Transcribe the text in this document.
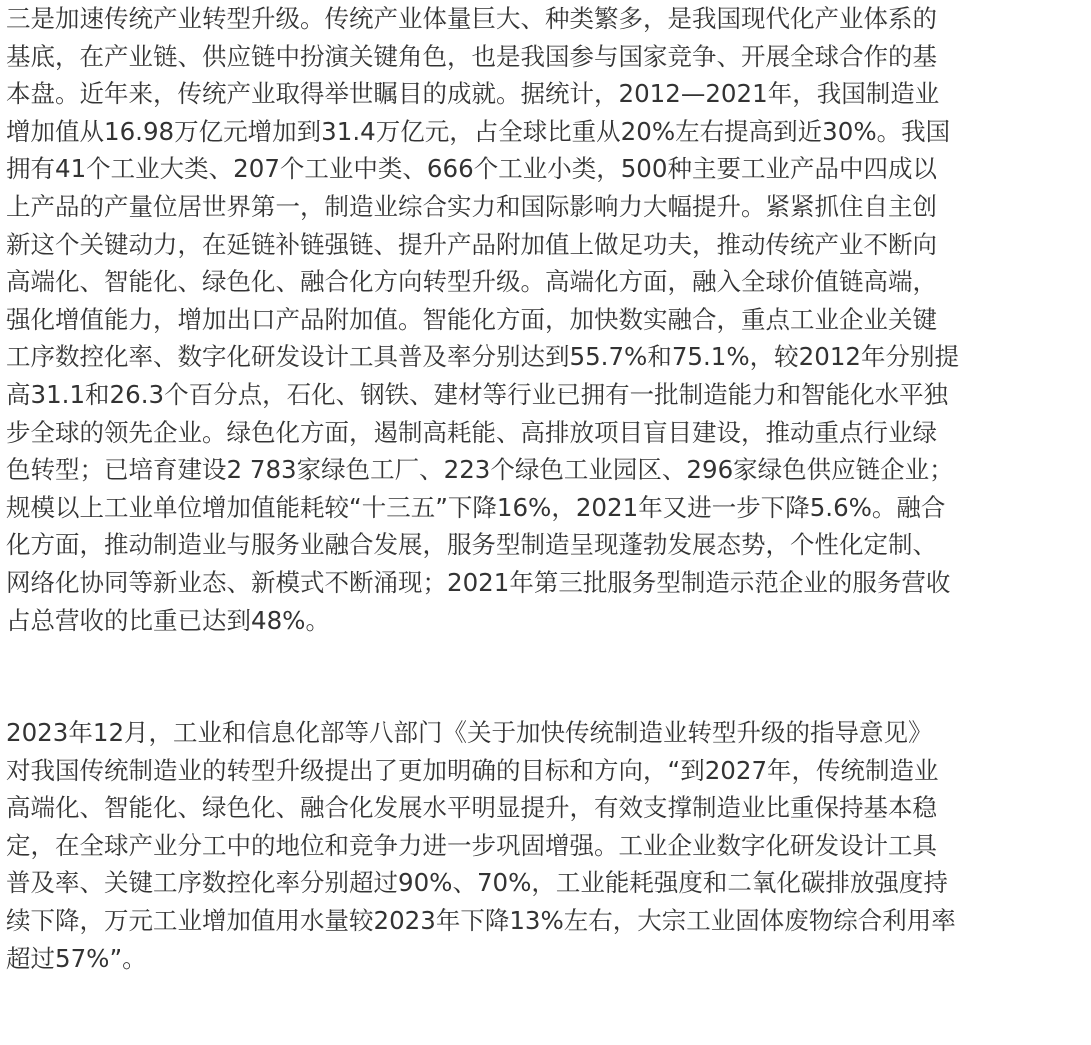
三是加速传统产业转型升级。传统产业体量巨大、种类繁多，是我国现代化产业体系的
基底，在产业链、供应链中扮演关键角色，也是我国参与国家竞争、开展全球合作的基
本盘。近年来，传统产业取得举世瞩目的成就。据统计，2012—2021年，我国制造业
增加值从16.98万亿元增加到31.4万亿元，占全球比重从20%左右提高到近30%。我国
拥有41个工业大类、207个工业中类、666个工业小类，500种主要工业产品中四成以
上产品的产量位居世界第一，制造业综合实力和国际影响力大幅提升。紧紧抓住自主创
新这个关键动力，在延链补链强链、提升产品附加值上做足功夫，推动传统产业不断向
高端化、智能化、绿色化、融合化方向转型升级。高端化方面，融入全球价值链高端，
强化增值能力，增加出口产品附加值。智能化方面，加快数实融合，重点工业企业关键
工序数控化率、数字化研发设计工具普及率分别达到55.7%和75.1%，较2012年分别提
高31.1和26.3个百分点，石化、钢铁、建材等行业已拥有一批制造能力和智能化水平独
步全球的领先企业。绿色化方面，遏制高耗能、高排放项目盲目建设，推动重点行业绿
色转型；已培育建设2 783家绿色工厂、223个绿色工业园区、296家绿色供应链企业；
规模以上工业单位增加值能耗较“十三五”下降16%，2021年又进一步下降5.6%。融合
化方面，推动制造业与服务业融合发展，服务型制造呈现蓬勃发展态势，个性化定制、
网络化协同等新业态、新模式不断涌现；2021年第三批服务型制造示范企业的服务营收
占总营收的比重已达到48%。
2023年12月，工业和信息化部等八部门《关于加快传统制造业转型升级的指导意见》
对我国传统制造业的转型升级提出了更加明确的目标和方向，“到2027年，传统制造业
高端化、智能化、绿色化、融合化发展水平明显提升，有效支撑制造业比重保持基本稳
定，在全球产业分工中的地位和竞争力进一步巩固增强。工业企业数字化研发设计工具
普及率、关键工序数控化率分别超过90%、70%，工业能耗强度和二氧化碳排放强度持
续下降，万元工业增加值用水量较2023年下降13%左右，大宗工业固体废物综合利用率
超过57%”。
